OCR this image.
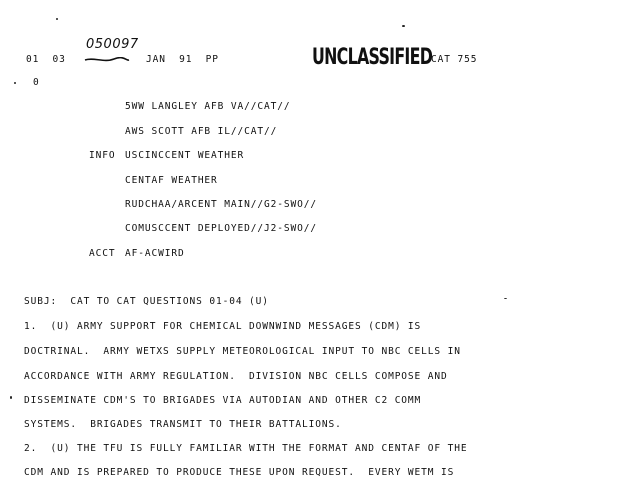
01  03
050097
JAN  91  PP	UNCLASSIFIED
CAT 755
0
5WW LANGLEY AFB VA//CAT//
AWS SCOTT AFB IL//CAT//
INFO USCINCCENT WEATHER
CENTAF WEATHER
RUDCHAA/ARCENT MAIN//G2-SWO//
COMUSCCENT DEPLOYED//J2-SWO//
ACCT AF-ACWIRD
SUBJ:  CAT TO CAT QUESTIONS 01-04 (U)
1.  (U) ARMY SUPPORT FOR CHEMICAL DOWNWIND MESSAGES (CDM) IS
DOCTRINAL.  ARMY WETXS SUPPLY METEOROLOGICAL INPUT TO NBC CELLS IN
ACCORDANCE WITH ARMY REGULATION.  DIVISION NBC CELLS COMPOSE AND
DISSEMINATE CDM'S TO BRIGADES VIA AUTODIAN AND OTHER C2 COMM
SYSTEMS.  BRIGADES TRANSMIT TO THEIR BATTALIONS.
2.  (U) THE TFU IS FULLY FAMILIAR WITH THE FORMAT AND CENTAF OF THE
CDM AND IS PREPARED TO PRODUCE THESE UPON REQUEST.  EVERY WETM IS
